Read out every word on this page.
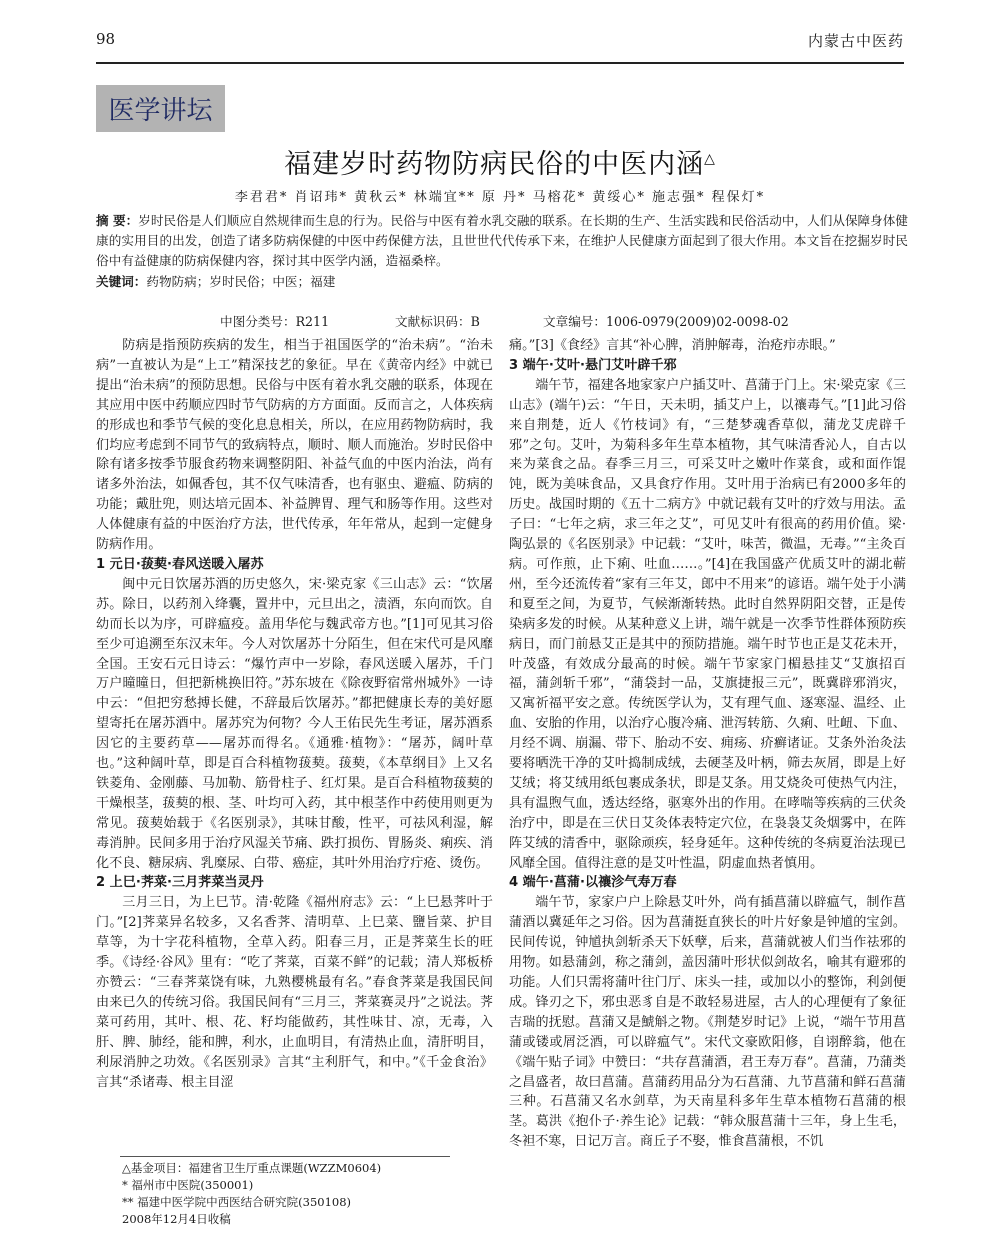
98	内蒙古中医药
医学讲坛
福建岁时药物防病民俗的中医内涵△
李君君* 肖诏玮* 黄秋云* 林端宜** 原 丹* 马榕花* 黄绥心* 施志强* 程保灯*
摘 要：岁时民俗是人们顺应自然规律而生息的行为。民俗与中医有着水乳交融的联系。在长期的生产、生活实践和民俗活动中，人们从保障身体健康的实用目的出发，创造了诸多防病保健的中医中药保健方法，且世世代代传承下来，在维护人民健康方面起到了很大作用。本文旨在挖掘岁时民俗中有益健康的防病保健内容，探讨其中医学内涵，造福桑梓。
关键词：药物防病；岁时民俗；中医；福建
中图分类号：R211	文献标识码：B	文章编号：1006-0979(2009)02-0098-02

防病是指预防疾病的发生，相当于祖国医学的“治未病”。“治未病”一直被认为是“上工”精深技艺的象征。早在《黄帝内经》中就已提出“治未病”的预防思想。民俗与中医有着水乳交融的联系，体现在其应用中医中药顺应四时节气防病的方方面面。反而言之，人体疾病的形成也和季节气候的变化息息相关，所以，在应用药物防病时，我们均应考虑到不同节气的致病特点，顺时、顺人而施治。岁时民俗中除有诸多按季节服食药物来调整阴阳、补益气血的中医内治法，尚有诸多外治法，如佩香包，其不仅气味清香，也有驱虫、避瘟、防病的功能；戴肚兜，则达培元固本、补益脾胃、理气和肠等作用。这些对人体健康有益的中医治疗方法，世代传承，年年常从，起到一定健身防病作用。

1 元日·菝葜·春风送暖入屠苏

闽中元日饮屠苏酒的历史悠久，宋·梁克家《三山志》云：“饮屠苏。除日，以药剂入绛囊，置井中，元旦出之，渍酒，东向而饮。自幼而长以为序，可辟瘟疫。盖用华佗与魏武帝方也。”[1]可见其习俗至少可追溯至东汉末年。今人对饮屠苏十分陌生，但在宋代可是风靡全国。王安石元日诗云：“爆竹声中一岁除，春风送暖入屠苏，千门万户曈曈日，但把新桃换旧符。”苏东坡在《除夜野宿常州城外》一诗中云：“但把穷愁搏长健，不辞最后饮屠苏。”都把健康长寿的美好愿望寄托在屠苏酒中。屠苏究为何物？今人王佑民先生考证，屠苏酒系因它的主要药草——屠苏而得名。《通雅·植物》：“屠苏，阔叶草也。”这种阔叶草，即是百合科植物菝葜。菝葜，《本草纲目》上又名铁菱角、金刚藤、马加勒、筋骨柱子、红灯果。是百合科植物菝葜的干燥根茎，菝葜的根、茎、叶均可入药，其中根茎作中药使用则更为常见。菝葜始载于《名医别录》，其味甘酸，性平，可祛风利湿，解毒消肿。民间多用于治疗风湿关节痛、跌打损伤、胃肠炎、痢疾、消化不良、糖尿病、乳糜尿、白带、癌症，其叶外用治疗疔疮、烫伤。

2 上巳·荠菜·三月荠菜当灵丹

三月三日，为上巳节。清·乾隆《福州府志》云：“上巳悬荠叶于门。”[2]荠菜异名较多，又名香荠、清明草、上巳菜、鹽旨菜、护目草等，为十字花科植物，全草入药。阳春三月，正是荠菜生长的旺季。《诗经·谷风》里有：“吃了荠菜，百菜不鲜”的记载；清人郑板桥亦赞云：“三春荠菜饶有味，九熟樱桃最有名。”春食荠菜是我国民间由来已久的传统习俗。我国民间有“三月三，荠菜赛灵丹”之说法。荠菜可药用，其叶、根、花、籽均能做药，其性味甘、凉，无毒，入肝、脾、肺经，能和脾，利水，止血明目，有清热止血，清肝明目，利尿消肿之功效。《名医别录》言其“主利肝气，和中。”《千金食治》言其“杀诸毒、根主目涩

△基金项目：福建省卫生厅重点课题(WZZM0604)
* 福州市中医院(350001)
** 福建中医学院中西医结合研究院(350108)
2008年12月4日收稿

痛。”[3]《食经》言其“补心脾，消肿解毒，治疮疖赤眼。”

3 端午·艾叶·悬门艾叶辟千邪

端午节，福建各地家家户户插艾叶、菖蒲于门上。宋·梁克家《三山志》(端午)云：“午日，天未明，插艾户上，以禳毒气。”[1]此习俗来自荆楚，近人《竹枝词》有，“三楚梦魂香草似，蒲龙艾虎辟千邪”之句。艾叶，为菊科多年生草本植物，其气味清香沁人，自古以来为菜食之品。春季三月三，可采艾叶之嫩叶作菜食，或和面作馄饨，既为美味食品，又具食疗作用。艾叶用于治病已有2000多年的历史。战国时期的《五十二病方》中就记载有艾叶的疗效与用法。孟子曰：“七年之病，求三年之艾”，可见艾叶有很高的药用价值。梁·陶弘景的《名医别录》中记载：“艾叶，味苦，微温，无毒。”“主灸百病。可作煎，止下痢、吐血……。”[4]在我国盛产优质艾叶的湖北蕲州，至今还流传着“家有三年艾，郎中不用来”的谚语。端午处于小满和夏至之间，为夏节，气候渐渐转热。此时自然界阴阳交替，正是传染病多发的时候。从某种意义上讲，端午就是一次季节性群体预防疾病日，而门前悬艾正是其中的预防措施。端午时节也正是艾花未开，叶茂盛，有效成分最高的时候。端午节家家门楣悬挂艾“艾旗招百福，蒲剑斩千邪”，“蒲袋封一品，艾旗捷报三元”，既冀辟邪消灾，又寓祈福平安之意。传统医学认为，艾有理气血、逐寒湿、温经、止血、安胎的作用，以治疗心腹冷痛、泄泻转筋、久痢、吐衄、下血、月经不调、崩漏、带下、胎动不安、痈疡、疥癣诸证。艾条外治灸法要将晒洗干净的艾叶捣制成绒，去硬茎及叶柄，筛去灰屑，即是上好艾绒；将艾绒用纸包裹成条状，即是艾条。用艾烧灸可使热气内注，具有温煦气血，透达经络，驱寒外出的作用。在哮喘等疾病的三伏灸治疗中，即是在三伏日艾灸体表特定穴位，在袅袅艾灸烟雾中，在阵阵艾绒的清香中，驱除顽疾，轻身延年。这种传统的冬病夏治法现已风靡全国。值得注意的是艾叶性温，阴虚血热者慎用。

4 端午·菖蒲·以禳沴气寿万春

端午节，家家户户上除悬艾叶外，尚有插菖蒲以辟瘟气，制作菖蒲酒以冀延年之习俗。因为菖蒲挺直狭长的叶片好象是钟馗的宝剑。民间传说，钟馗执剑斩杀天下妖孽，后来，菖蒲就被人们当作祛邪的用物。如悬蒲剑，称之蒲剑，盖因蒲叶形状似剑故名，喻其有避邪的功能。人们只需将蒲叶往门厅、床头一挂，或加以小的整饰，利剑便成。锋刃之下，邪虫恶豸自是不敢轻易进屋，古人的心理便有了象征吉瑞的抚慰。菖蒲又是鯱斛之物。《荆楚岁时记》上说，“端午节用菖蒲或镂或屑泛酒，可以辟瘟气”。宋代文豪欧阳修，自诩醉翁，他在《端午贴子词》中赞曰：“共存菖蒲酒，君王寿万春”。菖蒲，乃蒲类之昌盛者，故曰菖蒲。菖蒲药用品分为石菖蒲、九节菖蒲和鲜石菖蒲三种。石菖蒲又名水剑草，为天南星科多年生草本植物石菖蒲的根茎。葛洪《抱仆子·养生论》记载：“韩众服菖蒲十三年，身上生毛，冬袒不寒，日记万言。商丘子不娶，惟食菖蒲根，不饥
